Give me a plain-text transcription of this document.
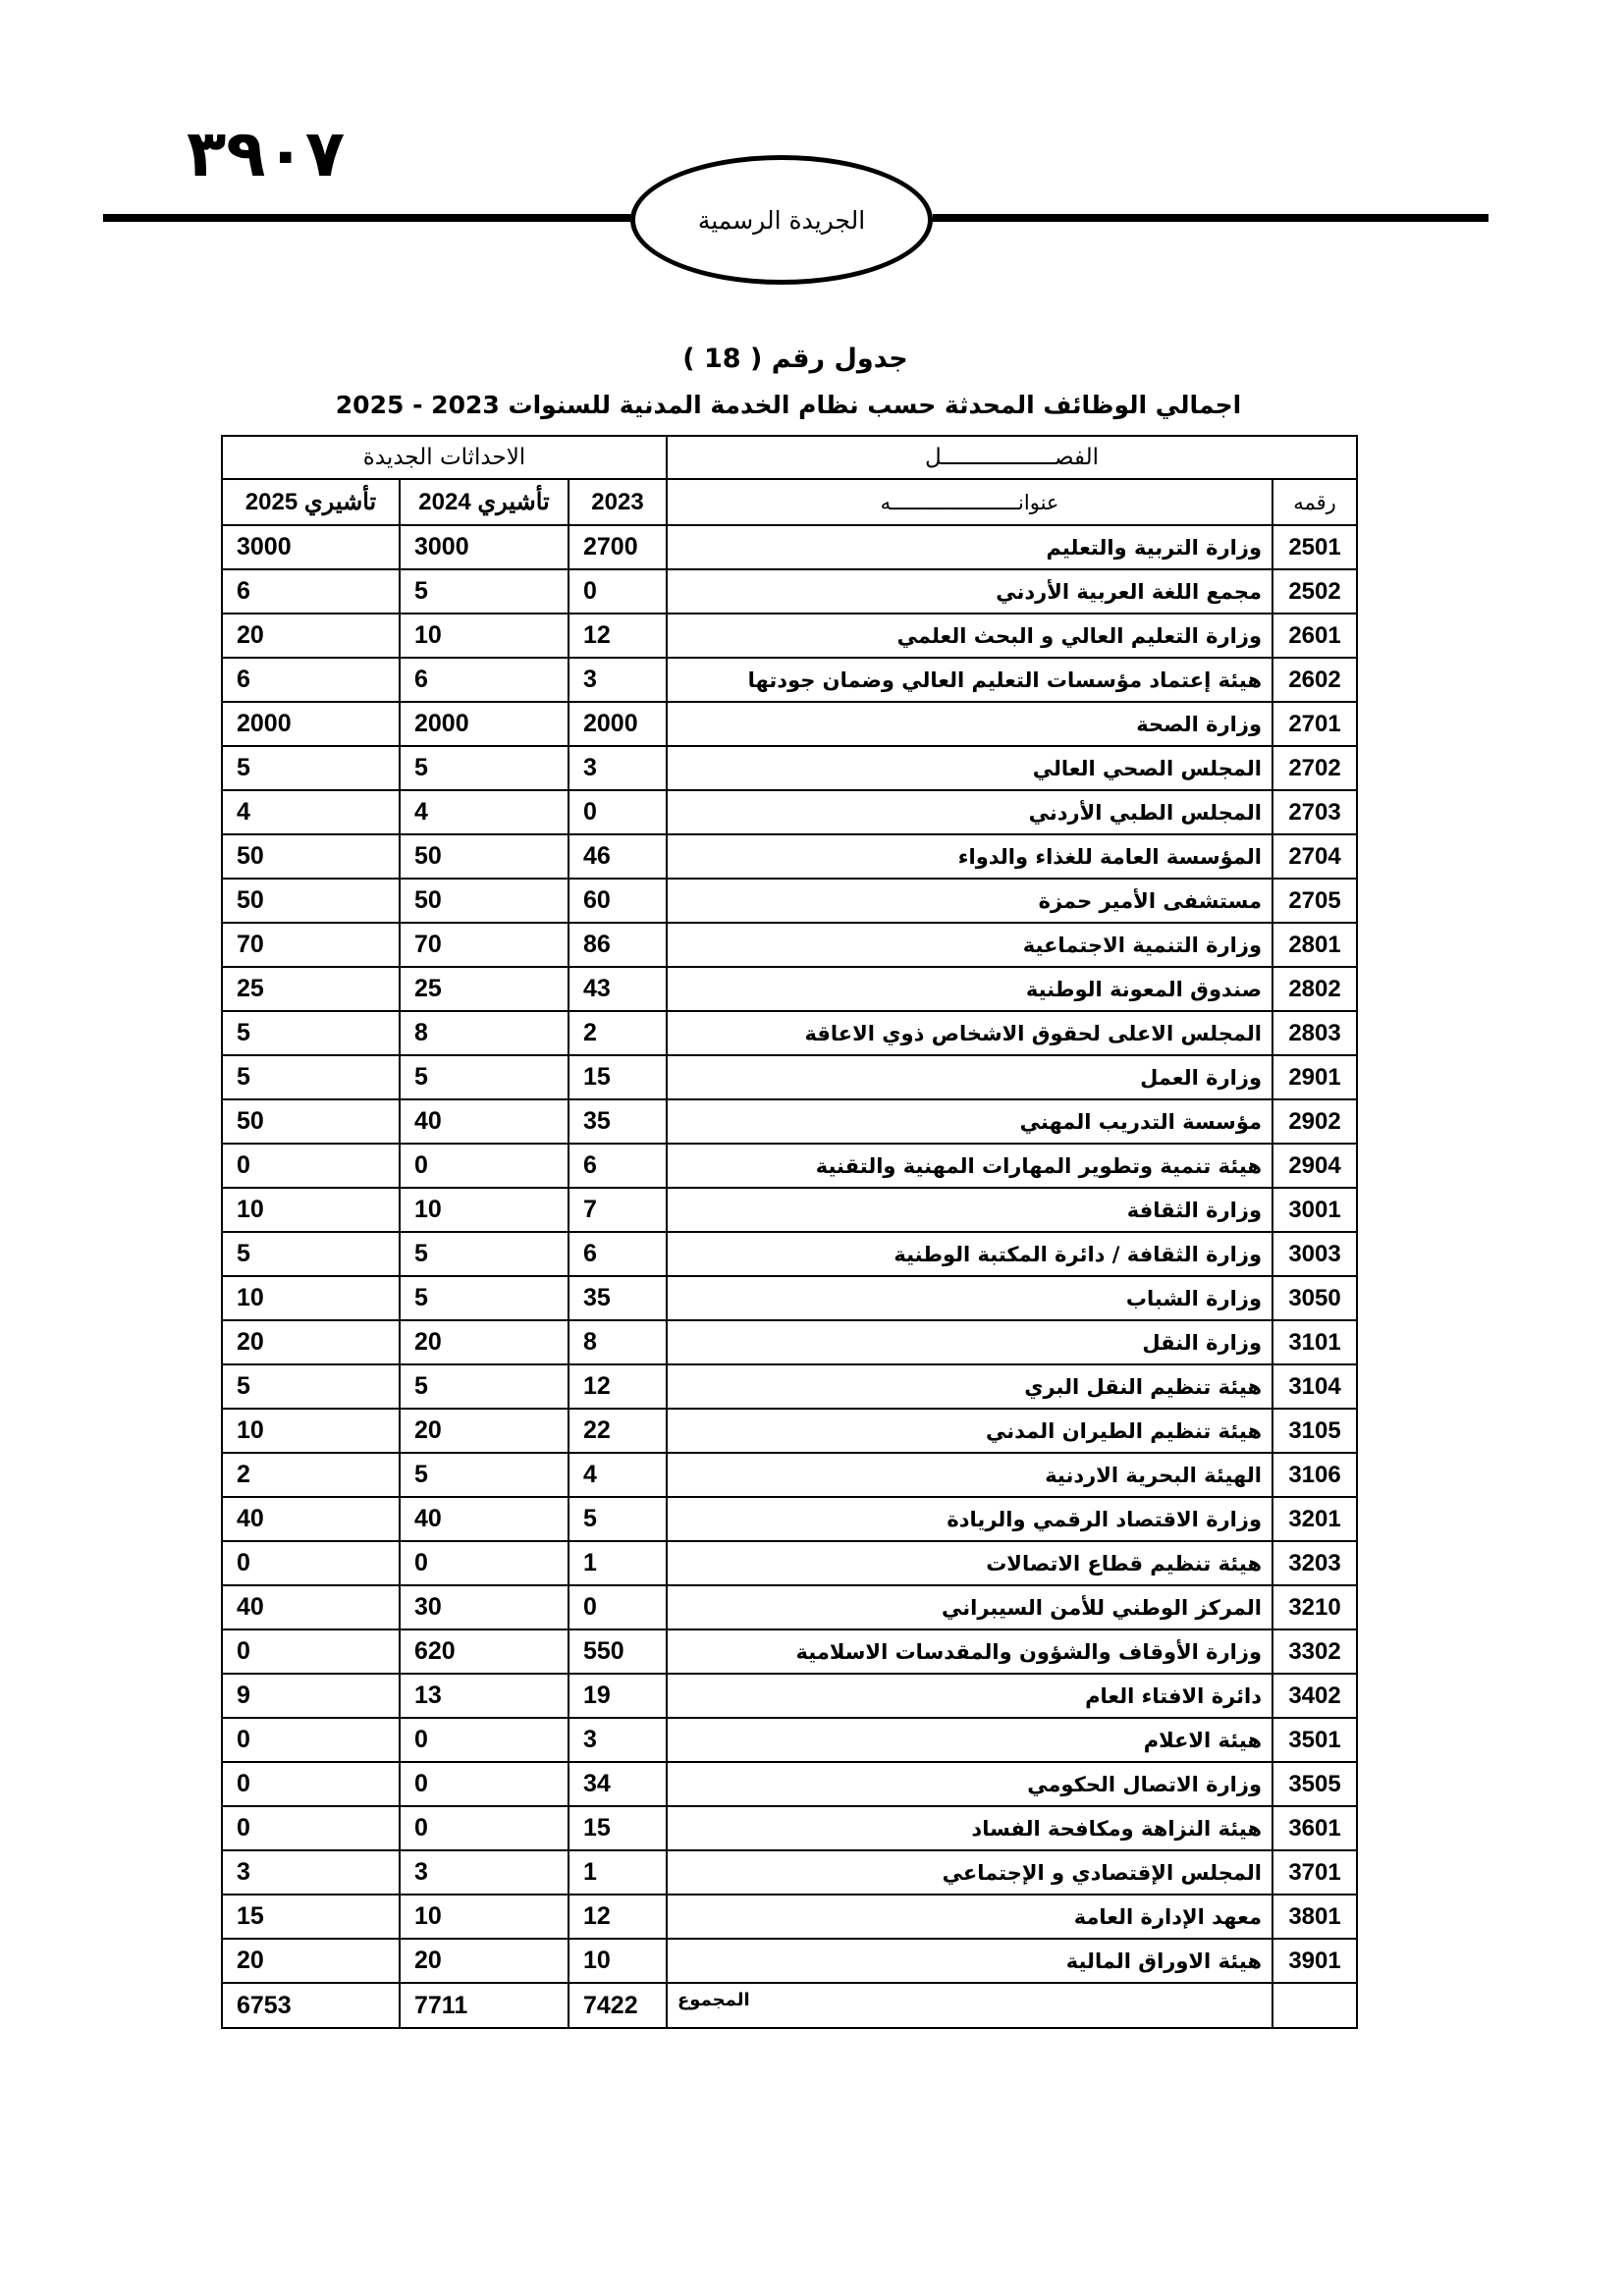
٣٩٠٧
الجريدة الرسمية
جدول رقم ( 18 )
اجمالي الوظائف المحدثة حسب نظام الخدمة المدنية للسنوات 2023 - 2025
الفصـــــــــــــــــل		الاحداثات الجديدة		
رقمه	عنوانـــــــــــــــــــــه	2023	تأشيري 2024	تأشيري 2025
2501	وزارة التربية والتعليم	2700	3000	3000
2502	مجمع اللغة العربية الأردني	0	5	6
2601	وزارة التعليم العالي و البحث العلمي	12	10	20
2602	هيئة إعتماد مؤسسات التعليم العالي وضمان جودتها	3	6	6
2701	وزارة الصحة	2000	2000	2000
2702	المجلس الصحي العالي	3	5	5
2703	المجلس الطبي الأردني	0	4	4
2704	المؤسسة العامة للغذاء والدواء	46	50	50
2705	مستشفى الأمير حمزة	60	50	50
2801	وزارة التنمية الاجتماعية	86	70	70
2802	صندوق المعونة الوطنية	43	25	25
2803	المجلس الاعلى لحقوق الاشخاص ذوي الاعاقة	2	8	5
2901	وزارة العمل	15	5	5
2902	مؤسسة التدريب المهني	35	40	50
2904	هيئة تنمية وتطوير المهارات المهنية والتقنية	6	0	0
3001	وزارة الثقافة	7	10	10
3003	وزارة الثقافة / دائرة المكتبة الوطنية	6	5	5
3050	وزارة الشباب	35	5	10
3101	وزارة النقل	8	20	20
3104	هيئة تنظيم النقل البري	12	5	5
3105	هيئة تنظيم الطيران المدني	22	20	10
3106	الهيئة البحرية الاردنية	4	5	2
3201	وزارة الاقتصاد الرقمي والريادة	5	40	40
3203	هيئة تنظيم قطاع الاتصالات	1	0	0
3210	المركز الوطني للأمن السيبراني	0	30	40
3302	وزارة الأوقاف والشؤون والمقدسات الاسلامية	550	620	0
3402	دائرة الافتاء العام	19	13	9
3501	هيئة الاعلام	3	0	0
3505	وزارة الاتصال الحكومي	34	0	0
3601	هيئة النزاهة ومكافحة الفساد	15	0	0
3701	المجلس الإقتصادي و الإجتماعي	1	3	3
3801	معهد الإدارة العامة	12	10	15
3901	هيئة الاوراق المالية	10	20	20
	المجموع	7422	7711	6753
